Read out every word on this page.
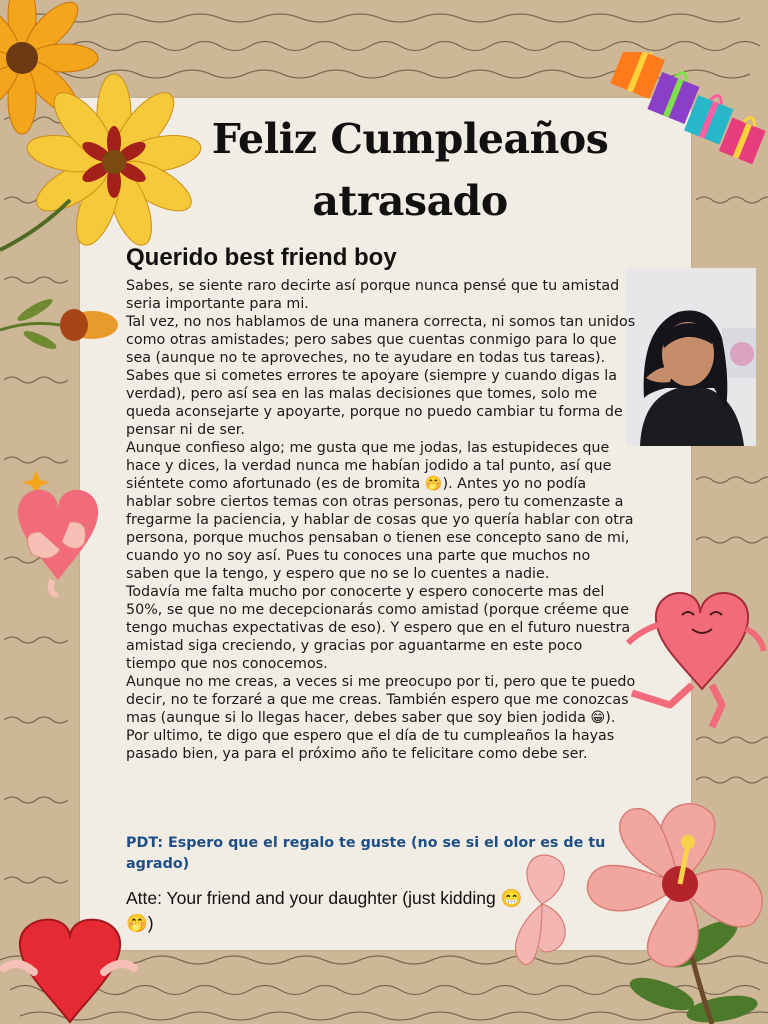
Feliz Cumpleaños atrasado
Querido best friend boy

Sabes, se siente raro decirte así porque nunca pensé que tu amistad seria importante para mi.

Tal vez, no nos hablamos de una manera correcta, ni somos tan unidos como otras amistades; pero sabes que cuentas conmigo para lo que sea (aunque no te aproveches, no te ayudare en todas tus tareas). Sabes que si cometes errores te apoyare (siempre y cuando digas la verdad), pero así sea en las malas decisiones que tomes, solo me queda aconsejarte y apoyarte, porque no puedo cambiar tu forma de pensar ni de ser.

Aunque confieso algo; me gusta que me jodas, las estupideces que hace y dices, la verdad nunca me habían jodido a tal punto, así que siéntete como afortunado (es de bromita 🤭). Antes yo no podía hablar sobre ciertos temas con otras personas, pero tu comenzaste a fregarme la paciencia, y hablar de cosas que yo quería hablar con otra persona, porque muchos pensaban o tienen ese concepto sano de mi, cuando yo no soy así. Pues tu conoces una parte que muchos no saben que la tengo, y espero que no se lo cuentes a nadie.

Todavía me falta mucho por conocerte y espero conocerte mas del 50%, se que no me decepcionarás como amistad (porque créeme que tengo muchas expectativas de eso). Y espero que en el futuro nuestra amistad siga creciendo, y gracias por aguantarme en este poco tiempo que nos conocemos.

Aunque no me creas, a veces si me preocupo por ti, pero que te puedo decir, no te forzaré a que me creas. También espero que me conozcas mas (aunque si lo llegas hacer, debes saber que soy bien jodida 😁).

Por ultimo, te digo que espero que el día de tu cumpleaños la hayas pasado bien, ya para el próximo año te felicitare como debe ser.

PDT: Espero que el regalo te guste (no se si el olor es de tu agrado)

Atte: Your friend and your daughter (just kidding 😁🤭)
